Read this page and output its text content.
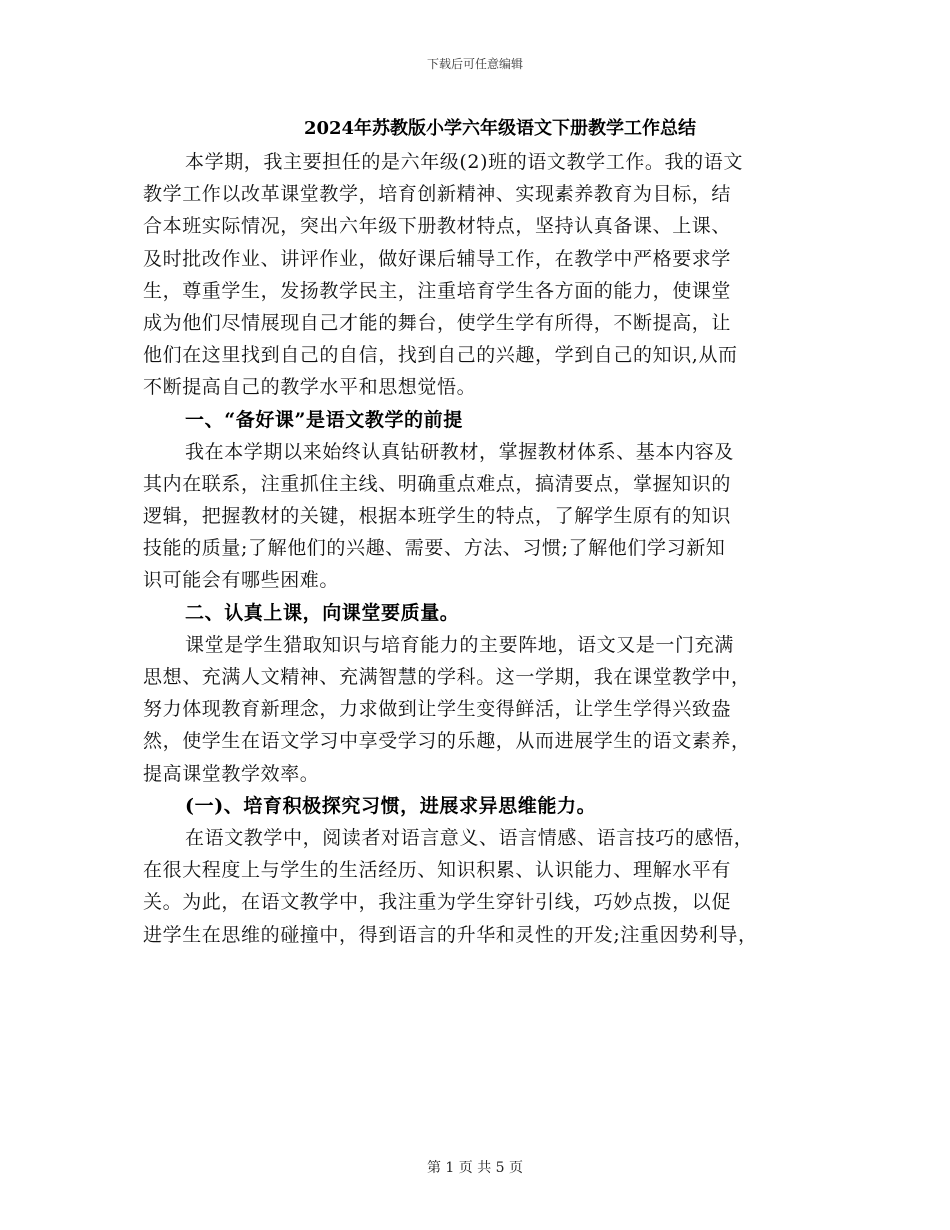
下载后可任意编辑
2024年苏教版小学六年级语文下册教学工作总结
本学期，我主要担任的是六年级(2)班的语文教学工作。我的语文
教学工作以改革课堂教学，培育创新精神、实现素养教育为目标，结
合本班实际情况，突出六年级下册教材特点，坚持认真备课、上课、
及时批改作业、讲评作业，做好课后辅导工作，在教学中严格要求学
生，尊重学生，发扬教学民主，注重培育学生各方面的能力，使课堂
成为他们尽情展现自己才能的舞台，使学生学有所得，不断提高，让
他们在这里找到自己的自信，找到自己的兴趣，学到自己的知识,从而
不断提高自己的教学水平和思想觉悟。
一、“备好课”是语文教学的前提
我在本学期以来始终认真钻研教材，掌握教材体系、基本内容及
其内在联系，注重抓住主线、明确重点难点，搞清要点，掌握知识的
逻辑，把握教材的关键，根据本班学生的特点，了解学生原有的知识
技能的质量;了解他们的兴趣、需要、方法、习惯;了解他们学习新知
识可能会有哪些困难。
二、认真上课，向课堂要质量。
课堂是学生猎取知识与培育能力的主要阵地，语文又是一门充满
思想、充满人文精神、充满智慧的学科。这一学期，我在课堂教学中，
努力体现教育新理念，力求做到让学生变得鲜活，让学生学得兴致盎
然，使学生在语文学习中享受学习的乐趣，从而进展学生的语文素养，
提高课堂教学效率。
(一)、培育积极探究习惯，进展求异思维能力。
在语文教学中，阅读者对语言意义、语言情感、语言技巧的感悟，
在很大程度上与学生的生活经历、知识积累、认识能力、理解水平有
关。为此，在语文教学中，我注重为学生穿针引线，巧妙点拨，以促
进学生在思维的碰撞中，得到语言的升华和灵性的开发;注重因势利导，
第 1 页 共 5 页
